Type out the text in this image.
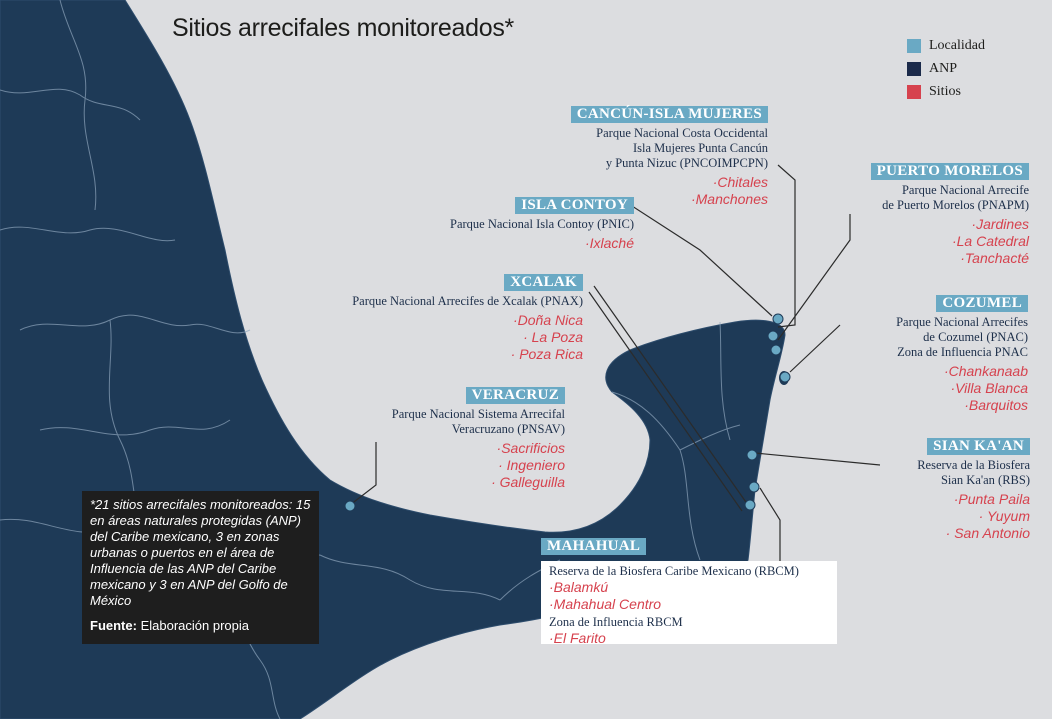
Sitios arrecifales monitoreados*
Localidad
ANP
Sitios
CANCÚN-ISLA MUJERES
Parque Nacional Costa Occidental
Isla Mujeres Punta Cancún
y Punta Nizuc (PNCOIMPCPN)
·Chitales
·Manchones
PUERTO MORELOS
Parque Nacional Arrecife
de Puerto Morelos (PNAPM)
·Jardines
·La Catedral
·Tanchacté
ISLA CONTOY
Parque Nacional Isla Contoy (PNIC)
·Ixlaché
XCALAK
Parque Nacional Arrecifes de Xcalak (PNAX)
·Doña Nica
· La Poza
· Poza Rica
COZUMEL
Parque Nacional Arrecifes
de Cozumel (PNAC)
Zona de Influencia PNAC
·Chankanaab
·Villa Blanca
·Barquitos
VERACRUZ
Parque Nacional Sistema Arrecifal
Veracruzano (PNSAV)
·Sacrificios
· Ingeniero
· Galleguilla
SIAN KA'AN
Reserva de la Biosfera
Sian Ka'an (RBS)
·Punta Paila
· Yuyum
· San Antonio
MAHAHUAL
Reserva de la Biosfera Caribe Mexicano (RBCM)
·Balamkú
·Mahahual Centro
Zona de Influencia RBCM
·El Farito
*21 sitios arrecifales monitoreados: 15 en áreas naturales protegidas (ANP) del Caribe mexicano, 3 en zonas urbanas o puertos en el área de Influencia de las ANP del Caribe mexicano y 3 en ANP del Golfo de México
Fuente: Elaboración propia
